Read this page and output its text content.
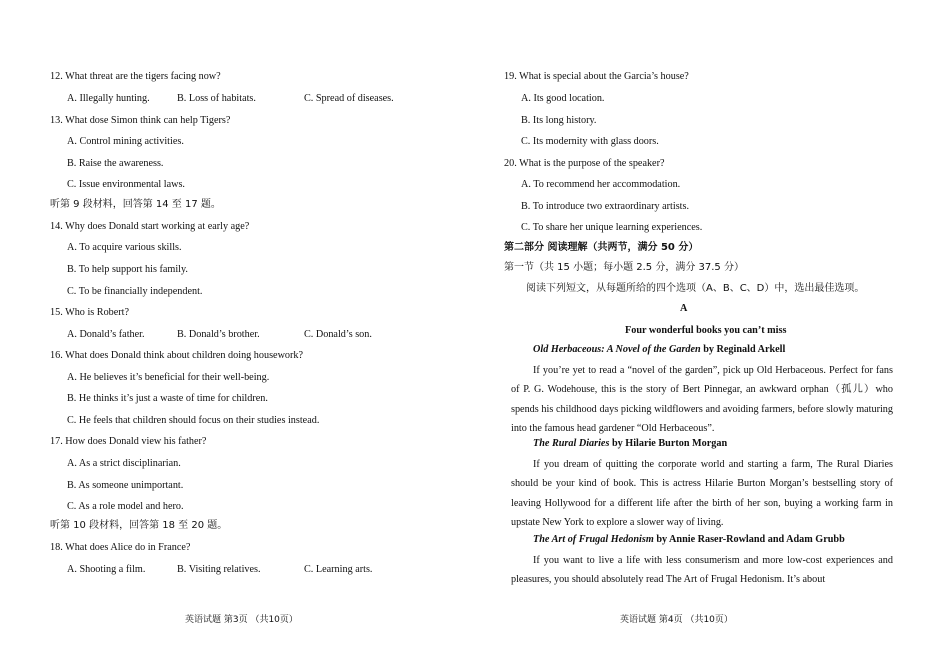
12. What threat are the tigers facing now?
A. Illegally hunting.	B. Loss of habitats.	C. Spread of diseases.
13. What dose Simon think can help Tigers?
A. Control mining activities.
B. Raise the awareness.
C. Issue environmental laws.
听第 9 段材料，回答第 14 至 17 题。
14. Why does Donald start working at early age?
A. To acquire various skills.
B. To help support his family.
C. To be financially independent.
15. Who is Robert?
A. Donald’s father.	B. Donald’s brother.	C. Donald’s son.
16. What does Donald think about children doing housework?
A. He believes it’s beneficial for their well-being.
B. He thinks it’s just a waste of time for children.
C. He feels that children should focus on their studies instead.
17. How does Donald view his father?
A. As a strict disciplinarian.
B. As someone unimportant.
C. As a role model and hero.
听第 10 段材料，回答第 18 至 20 题。
18. What does Alice do in France?
A. Shooting a film.	B. Visiting relatives.	C. Learning arts.
英语试题 第3页 （共10页）
19. What is special about the Garcia’s house?
A. Its good location.
B. Its long history.
C. Its modernity with glass doors.
20. What is the purpose of the speaker?
A. To recommend her accommodation.
B. To introduce two extraordinary artists.
C. To share her unique learning experiences.
第二部分 阅读理解（共两节，满分 50 分）
第一节（共 15 小题；每小题 2.5 分，满分 37.5 分）
阅读下列短文，从每题所给的四个选项（A、B、C、D）中，选出最佳选项。
A
Four wonderful books you can’t miss
Old Herbaceous: A Novel of the Garden by Reginald Arkell
If you’re yet to read a “novel of the garden”, pick up Old Herbaceous. Perfect for fans of P. G. Wodehouse, this is the story of Bert Pinnegar, an awkward orphan（孤儿）who spends his childhood days picking wildflowers and avoiding farmers, before slowly maturing into the famous head gardener “Old Herbaceous”.
The Rural Diaries by Hilarie Burton Morgan
If you dream of quitting the corporate world and starting a farm, The Rural Diaries should be your kind of book. This is actress Hilarie Burton Morgan’s bestselling story of leaving Hollywood for a different life after the birth of her son, buying a working farm in upstate New York to explore a slower way of living.
The Art of Frugal Hedonism by Annie Raser-Rowland and Adam Grubb
If you want to live a life with less consumerism and more low-cost experiences and pleasures, you should absolutely read The Art of Frugal Hedonism. It’s about
英语试题 第4页 （共10页）
